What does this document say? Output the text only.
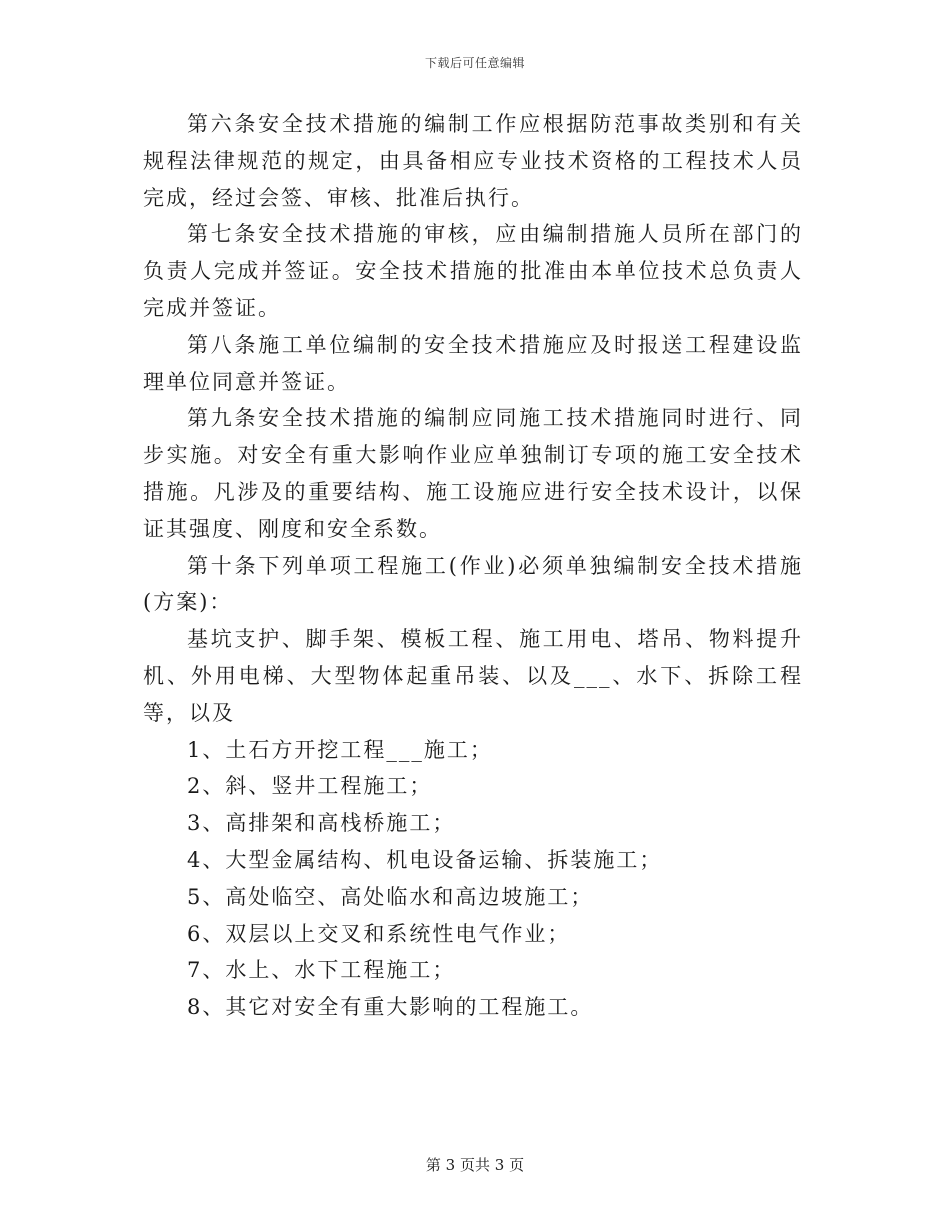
下载后可任意编辑

第六条安全技术措施的编制工作应根据防范事故类别和有关规程法律规范的规定，由具备相应专业技术资格的工程技术人员完成，经过会签、审核、批准后执行。

第七条安全技术措施的审核，应由编制措施人员所在部门的负责人完成并签证。安全技术措施的批准由本单位技术总负责人完成并签证。

第八条施工单位编制的安全技术措施应及时报送工程建设监理单位同意并签证。

第九条安全技术措施的编制应同施工技术措施同时进行、同步实施。对安全有重大影响作业应单独制订专项的施工安全技术措施。凡涉及的重要结构、施工设施应进行安全技术设计，以保证其强度、刚度和安全系数。

第十条下列单项工程施工(作业)必须单独编制安全技术措施(方案)：

基坑支护、脚手架、模板工程、施工用电、塔吊、物料提升机、外用电梯、大型物体起重吊装、以及___、水下、拆除工程等，以及

1、土石方开挖工程___施工；

2、斜、竖井工程施工；

3、高排架和高栈桥施工；

4、大型金属结构、机电设备运输、拆装施工；

5、高处临空、高处临水和高边坡施工；

6、双层以上交叉和系统性电气作业；

7、水上、水下工程施工；

8、其它对安全有重大影响的工程施工。

第 3 页共 3 页
